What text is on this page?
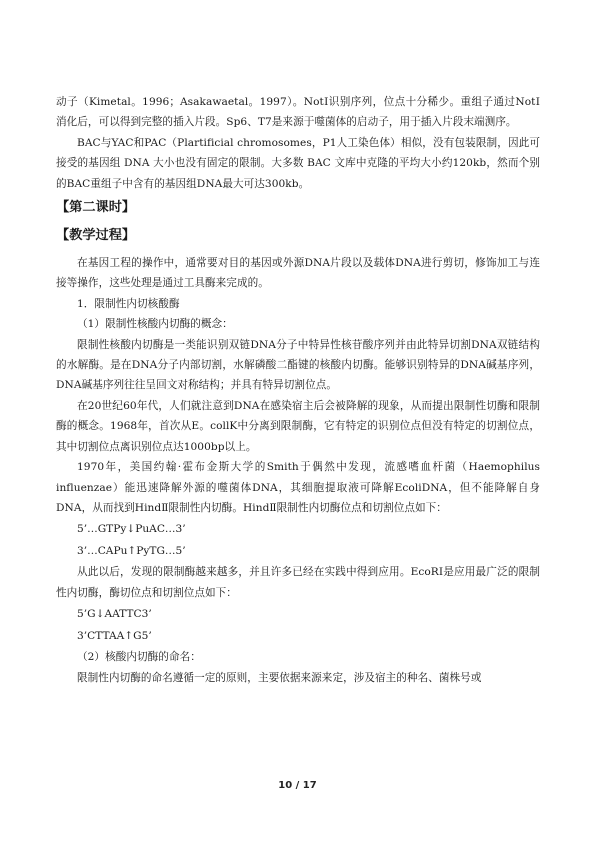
动子（Kimetal。1996；Asakawaetal。1997）。NotⅠ识别序列，位点十分稀少。重组子通过NotⅠ消化后，可以得到完整的插入片段。Sp6、T7是来源于噬菌体的启动子，用于插入片段末端测序。

BAC与YAC和PAC（Plartificial chromosomes，P1人工染色体）相似，没有包装限制，因此可接受的基因组 DNA 大小也没有固定的限制。大多数 BAC 文库中克隆的平均大小约120kb，然而个别的BAC重组子中含有的基因组DNA最大可达300kb。

【第二课时】

【教学过程】

在基因工程的操作中，通常要对目的基因或外源DNA片段以及载体DNA进行剪切，修饰加工与连接等操作，这些处理是通过工具酶来完成的。

1．限制性内切核酸酶

（1）限制性核酸内切酶的概念：

限制性核酸内切酶是一类能识别双链DNA分子中特异性核苷酸序列并由此特异切割DNA双链结构的水解酶。是在DNA分子内部切割，水解磷酸二酯键的核酸内切酶。能够识别特异的DNA碱基序列，DNA碱基序列往往呈回文对称结构；并具有特异切割位点。

在20世纪60年代，人们就注意到DNA在感染宿主后会被降解的现象，从而提出限制性切酶和限制酶的概念。1968年，首次从E。collK中分离到限制酶，它有特定的识别位点但没有特定的切割位点，其中切割位点离识别位点达1000bp以上。

1970年，美国约翰·霍布金斯大学的Smith于偶然中发现，流感嗜血杆菌（Haemophilus influenzae）能迅速降解外源的噬菌体DNA，其细胞提取液可降解EcoliDNA，但不能降解自身DNA，从而找到HindⅡ限制性内切酶。HindⅡ限制性内切酶位点和切割位点如下：

5’…GTPy↓PuAC…3’

3’…CAPu↑PyTG…5’

从此以后，发现的限制酶越来越多，并且许多已经在实践中得到应用。EcoRⅠ是应用最广泛的限制性内切酶，酶切位点和切割位点如下：

5’G↓AATTC3’

3’CTTAA↑G5’

（2）核酸内切酶的命名：

限制性内切酶的命名遵循一定的原则，主要依据来源来定，涉及宿主的种名、菌株号或

10 / 17
